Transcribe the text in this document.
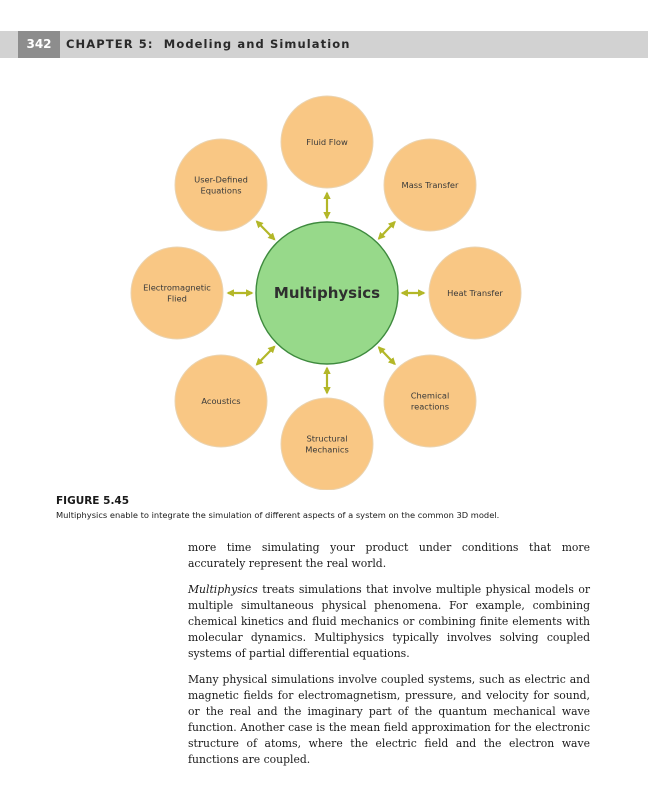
342	CHAPTER 5: Modeling and Simulation
Fluid Flow
Mass Transfer
Heat Transfer
Chemical
reactions
Structural
Mechanics
Acoustics
Electromagnetic
Flied
User-Defined
Equations
Multiphysics
FIGURE 5.45
Multiphysics enable to integrate the simulation of different aspects of a system on the common 3D model.

more time simulating your product under conditions that more accurately represent the real world.

Multiphysics treats simulations that involve multiple physical models or multiple simultaneous physical phenomena. For example, combining chemical kinetics and fluid mechanics or combining finite elements with molecular dynamics. Multiphysics typically involves solving coupled systems of partial differential equations.

Many physical simulations involve coupled systems, such as electric and magnetic fields for electromagnetism, pressure, and velocity for sound, or the real and the imaginary part of the quantum mechanical wave function. Another case is the mean field approximation for the electronic structure of atoms, where the electric field and the electron wave functions are coupled.
